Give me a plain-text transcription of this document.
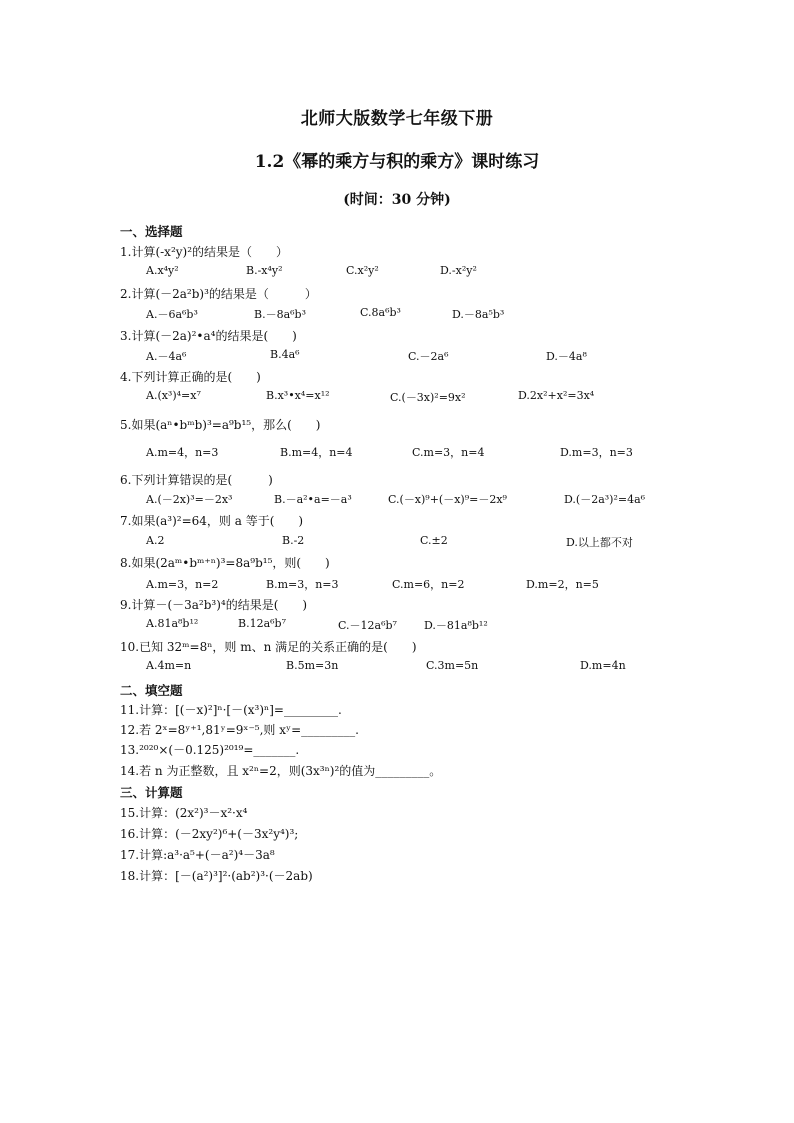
北师大版数学七年级下册
1.2《幂的乘方与积的乘方》课时练习
(时间：30 分钟)
一、选择题
1.计算(-x²y)²的结果是（　　）
A.x⁴y²	B.-x⁴y²	C.x²y²	D.-x²y²
2.计算(－2a²b)³的结果是（　　　）
A.－6a⁶b³	B.－8a⁶b³	C.8a⁶b³	D.－8a⁵b³
3.计算(－2a)²•a⁴的结果是(　　)
A.－4a⁶	B.4a⁶	C.－2a⁶	D.－4a⁸
4.下列计算正确的是(　　)
A.(x³)⁴=x⁷	B.x³•x⁴=x¹²	C.(－3x)²=9x²	D.2x²+x²=3x⁴
5.如果(aⁿ•bᵐb)³=a⁹b¹⁵，那么(　　)
A.m=4，n=3	B.m=4，n=4	C.m=3，n=4	D.m=3，n=3
6.下列计算错误的是(　　　)
A.(－2x)³=－2x³	B.－a²•a=－a³	C.(－x)⁹+(－x)⁹=－2x⁹	D.(－2a³)²=4a⁶
7.如果(a³)²=64，则 a 等于(　　)
A.2	B.-2	C.±2	D.以上都不对
8.如果(2aᵐ•bᵐ⁺ⁿ)³=8a⁹b¹⁵，则(　　)
A.m=3，n=2	B.m=3，n=3	C.m=6，n=2	D.m=2，n=5
9.计算－(－3a²b³)⁴的结果是(　　)
A.81a⁸b¹²	B.12a⁶b⁷	C.－12a⁶b⁷ D.－81a⁸b¹²
10.已知 32ᵐ=8ⁿ，则 m、n 满足的关系正确的是(　　)
A.4m=n	B.5m=3n	C.3m=5n	D.m=4n
二、填空题
11.计算：[(－x)²]ⁿ·[－(x³)ⁿ]=_________.
12.若 2ˣ=8ʸ⁺¹,81ʸ=9ˣ⁻⁵,则 xʸ=_________.
13.²⁰²⁰×(－0.125)²⁰¹⁹=_______.
14.若 n 为正整数，且 x²ⁿ=2，则(3x³ⁿ)²的值为_________。
三、计算题
15.计算：(2x²)³－x²·x⁴
16.计算：(－2xy²)⁶+(－3x²y⁴)³;
17.计算:a³·a⁵+(－a²)⁴－3a⁸
18.计算：[－(a²)³]²·(ab²)³·(－2ab)
